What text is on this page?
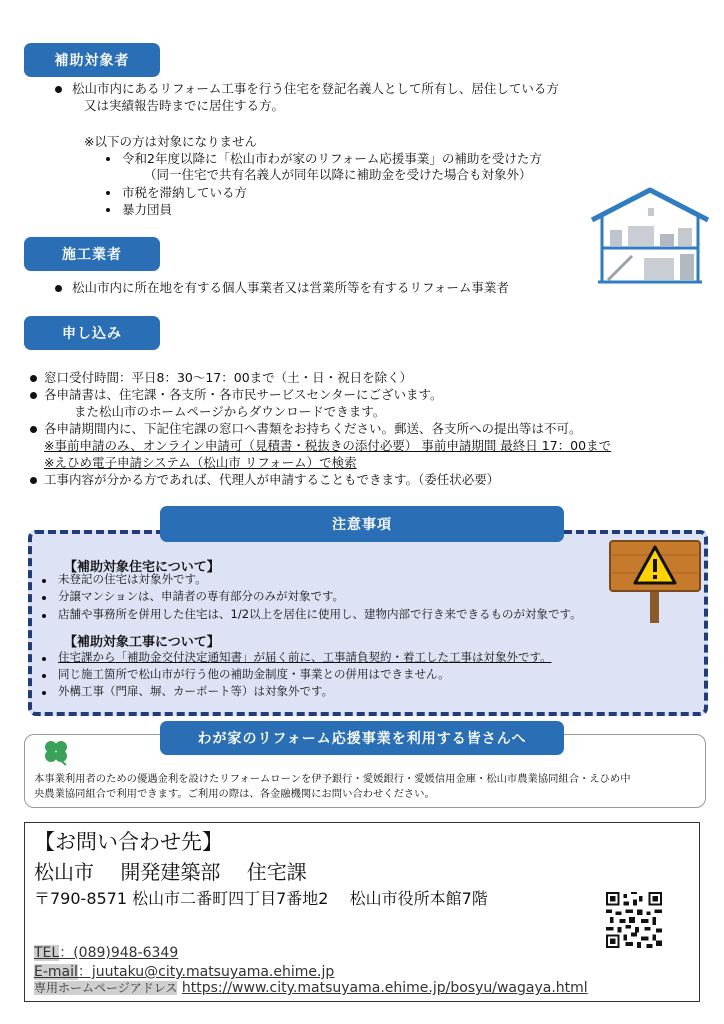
補助対象者
松山市内にあるリフォーム工事を行う住宅を登記名義人として所有し、居住している方
又は実績報告時までに居住する方。
※以下の方は対象になりません
令和2年度以降に「松山市わが家のリフォーム応援事業」の補助を受けた方
（同一住宅で共有名義人が同年以降に補助金を受けた場合も対象外）
市税を滞納している方
暴力団員
施工業者
松山市内に所在地を有する個人事業者又は営業所等を有するリフォーム事業者
申し込み
窓口受付時間：平日8：30～17：00まで（土・日・祝日を除く）
各申請書は、住宅課・各支所・各市民サービスセンターにございます。
また松山市のホームページからダウンロードできます。
各申請期間内に、下記住宅課の窓口へ書類をお持ちください。郵送、各支所への提出等は不可。
※事前申請のみ、オンライン申請可（見積書・税抜きの添付必要） 事前申請期間 最終日 17：00まで
※えひめ電子申請システム（松山市 リフォーム）で検索
工事内容が分かる方であれば、代理人が申請することもできます。（委任状必要）
注意事項
【補助対象住宅について】
未登記の住宅は対象外です。
分譲マンションは、申請者の専有部分のみが対象です。
店舗や事務所を併用した住宅は、1/2以上を居住に使用し、建物内部で行き来できるものが対象です。
【補助対象工事について】
住宅課から「補助金交付決定通知書」が届く前に、工事請負契約・着工した工事は対象外です。
同じ施工箇所で松山市が行う他の補助金制度・事業との併用はできません。
外構工事（門扉、塀、カーポート等）は対象外です。
わが家のリフォーム応援事業を利用する皆さんへ
本事業利用者のための優遇金利を設けたリフォームローンを伊予銀行・愛媛銀行・愛媛信用金庫・松山市農業協同組合・えひめ中
央農業協同組合で利用できます。ご利用の際は、各金融機関にお問い合わせください。
【お問い合わせ先】
松山市　 開発建築部　 住宅課
〒790-8571 松山市二番町四丁目7番地2　 松山市役所本館7階
TEL：(089)948-6349
E-mail：juutaku@city.matsuyama.ehime.jp
専用ホームページアドレス https://www.city.matsuyama.ehime.jp/bosyu/wagaya.html
